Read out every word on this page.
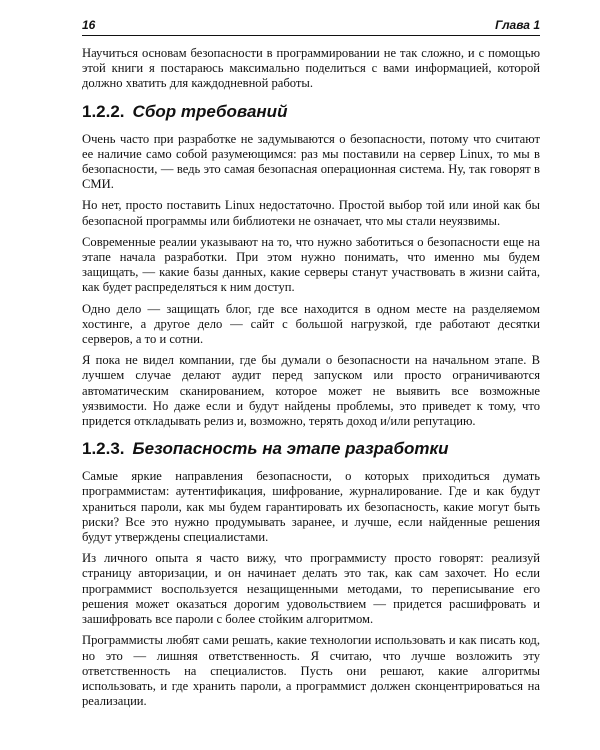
16	Глава 1

Научиться основам безопасности в программировании не так сложно, и с помощью этой книги я постараюсь максимально поделиться с вами информацией, которой должно хватить для каждодневной работы.

1.2.2. Сбор требований

Очень часто при разработке не задумываются о безопасности, потому что считают ее наличие само собой разумеющимся: раз мы поставили на сервер Linux, то мы в безопасности, — ведь это самая безопасная операционная система. Ну, так говорят в СМИ.

Но нет, просто поставить Linux недостаточно. Простой выбор той или иной как бы безопасной программы или библиотеки не означает, что мы стали неуязвимы.

Современные реалии указывают на то, что нужно заботиться о безопасности еще на этапе начала разработки. При этом нужно понимать, что именно мы будем защищать, — какие базы данных, какие серверы станут участвовать в жизни сайта, как будет распределяться к ним доступ.

Одно дело — защищать блог, где все находится в одном месте на разделяемом хостинге, а другое дело — сайт с большой нагрузкой, где работают десятки серверов, а то и сотни.

Я пока не видел компании, где бы думали о безопасности на начальном этапе. В лучшем случае делают аудит перед запуском или просто ограничиваются автоматическим сканированием, которое может не выявить все возможные уязвимости. Но даже если и будут найдены проблемы, это приведет к тому, что придется откладывать релиз и, возможно, терять доход и/или репутацию.

1.2.3. Безопасность на этапе разработки

Самые яркие направления безопасности, о которых приходиться думать программистам: аутентификация, шифрование, журналирование. Где и как будут храниться пароли, как мы будем гарантировать их безопасность, какие могут быть риски? Все это нужно продумывать заранее, и лучше, если найденные решения будут утверждены специалистами.

Из личного опыта я часто вижу, что программисту просто говорят: реализуй страницу авторизации, и он начинает делать это так, как сам захочет. Но если программист воспользуется незащищенными методами, то переписывание его решения может оказаться дорогим удовольствием — придется расшифровать и зашифровать все пароли с более стойким алгоритмом.

Программисты любят сами решать, какие технологии использовать и как писать код, но это — лишняя ответственность. Я считаю, что лучше возложить эту ответственность на специалистов. Пусть они решают, какие алгоритмы использовать, и где хранить пароли, а программист должен сконцентрироваться на реализации.
